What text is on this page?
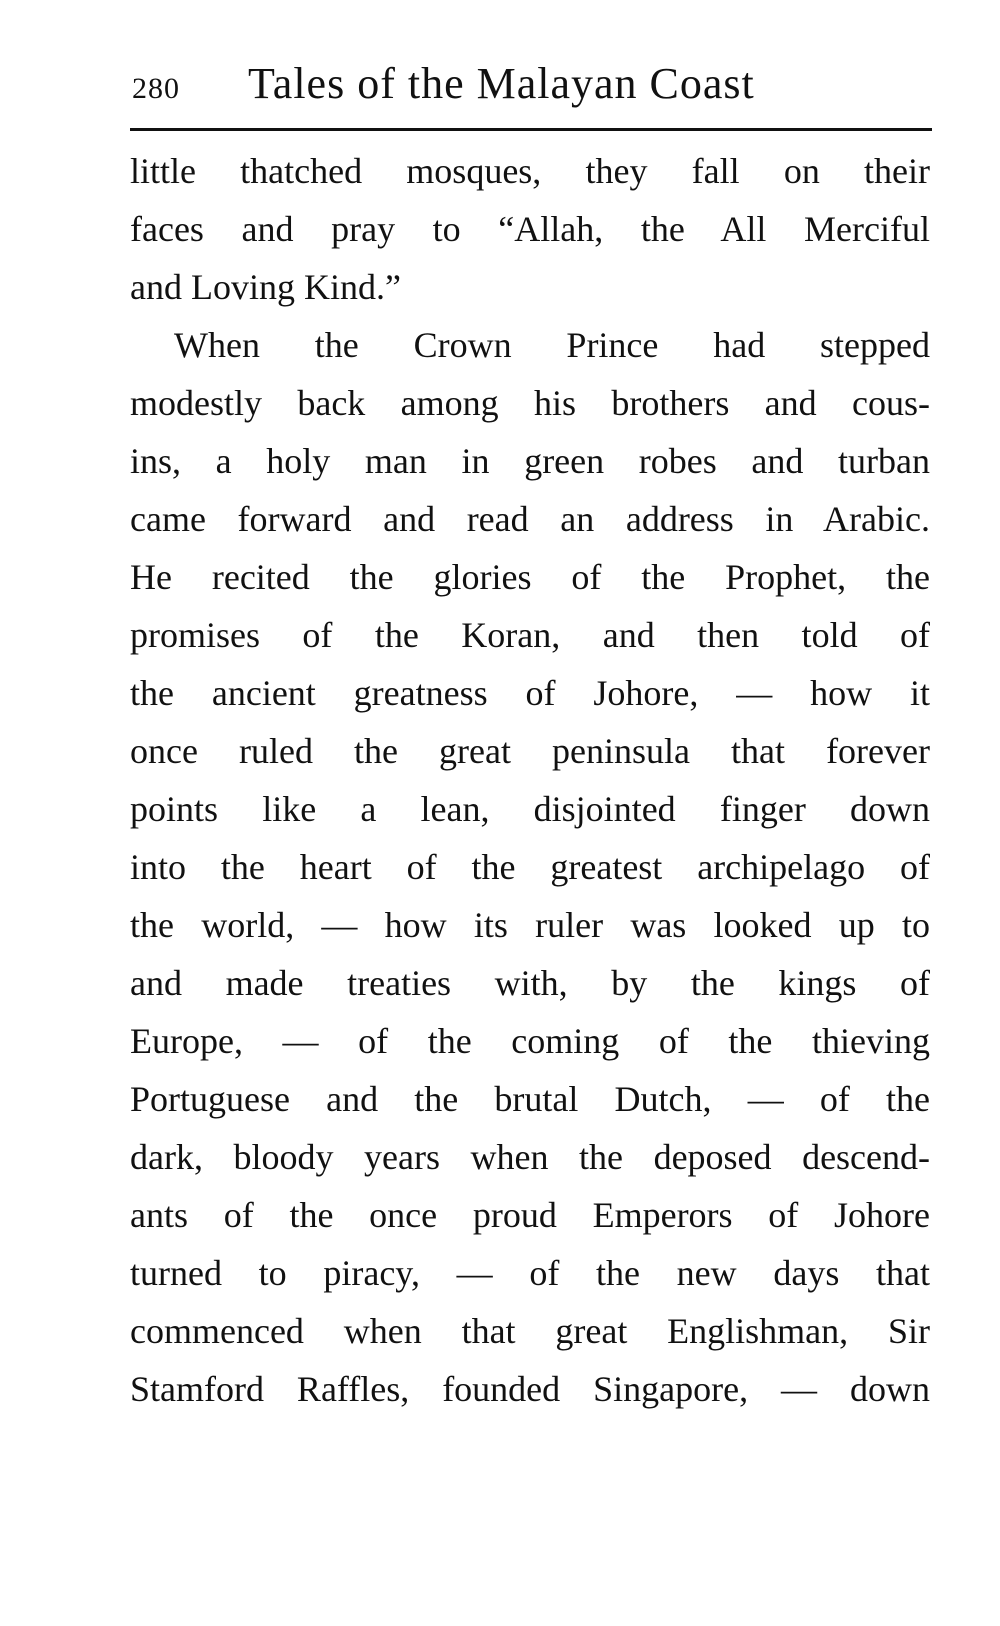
280 Tales of the Malayan Coast
little thatched mosques, they fall on their
faces and pray to “Allah, the All Merciful
and Loving Kind.”
When the Crown Prince had stepped
modestly back among his brothers and cous-
ins, a holy man in green robes and turban
came forward and read an address in Arabic.
He recited the glories of the Prophet, the
promises of the Koran, and then told of
the ancient greatness of Johore, — how it
once ruled the great peninsula that forever
points like a lean, disjointed finger down
into the heart of the greatest archipelago of
the world, — how its ruler was looked up to
and made treaties with, by the kings of
Europe, — of the coming of the thieving
Portuguese and the brutal Dutch, — of the
dark, bloody years when the deposed descend-
ants of the once proud Emperors of Johore
turned to piracy, — of the new days that
commenced when that great Englishman, Sir
Stamford Raffles, founded Singapore, — down
